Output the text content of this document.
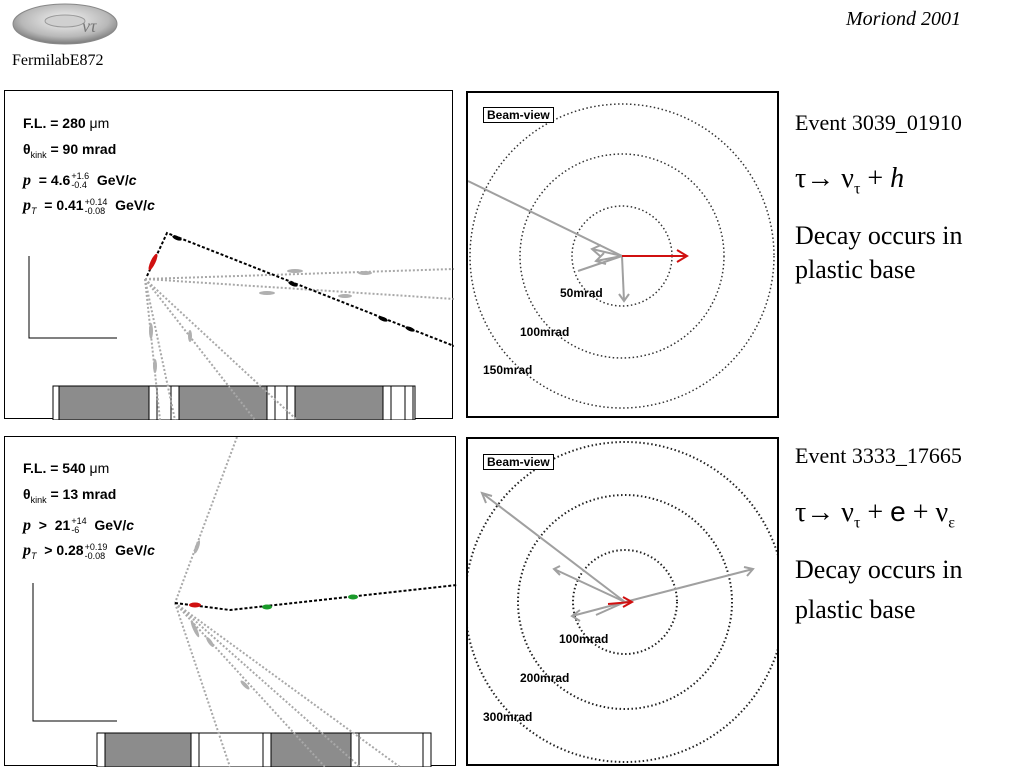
ντ
FermilabE872
Moriond 2001
F.L. = 280 μm
$\theta_{kink} = 90$ mrad
p  = 4.6 +1.6
-0.4 GeV/c
$p_T = 0.41 +0.14$
-0.08 GeV/c
Beam-view
50mrad
100mrad
150mrad
Event 3039_01910
$\tau\to \nu_\tau + h$
Decay occurs in
plastic base
F.L. = 540 μm
$\theta_{kink} = 13$ mrad
p  >  21 +14
-6 GeV/c
$p_T > 0.28 +0.19$
-0.08 GeV/c
Beam-view
100mrad
200mrad
300mrad
Event 3333_17665
$\tau\to \nu_\tau + e + \nu_\varepsilon$
Decay occurs in
plastic base
